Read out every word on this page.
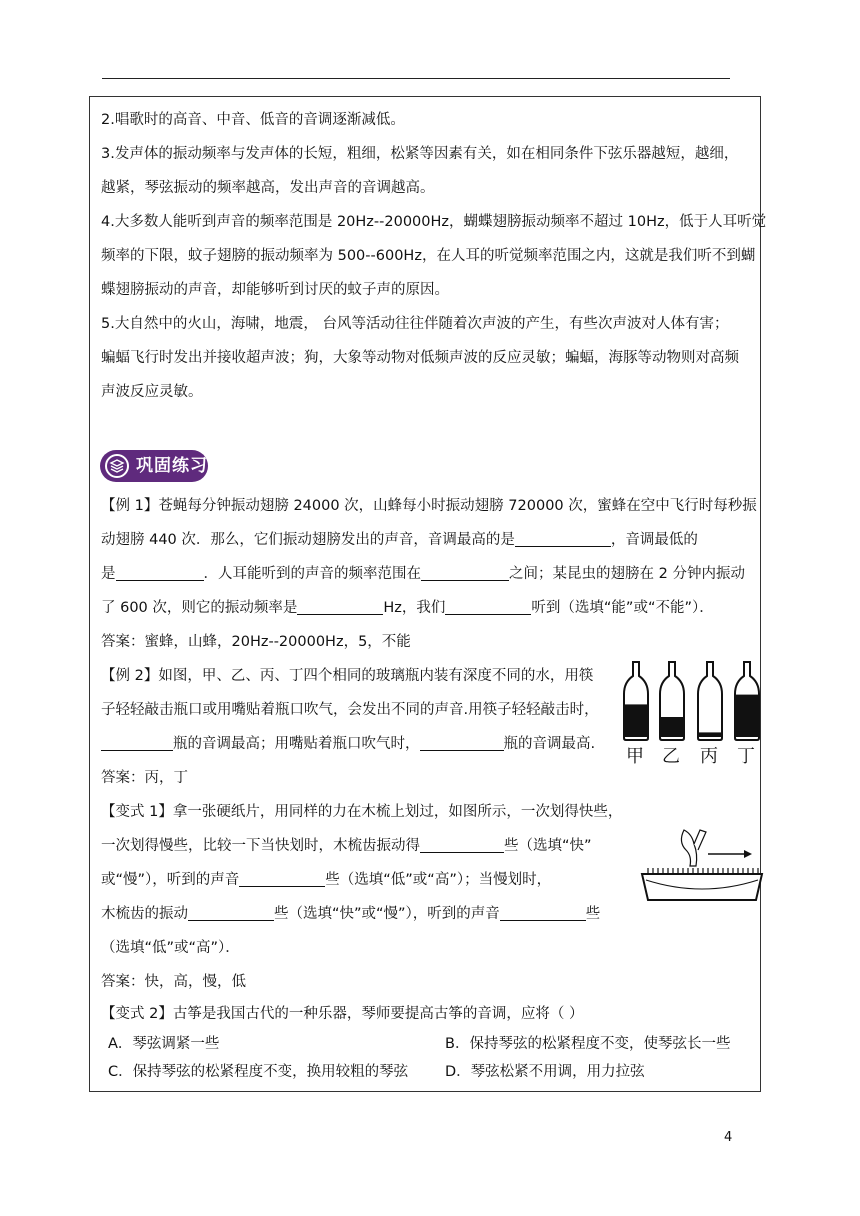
2.唱歌时的高音、中音、低音的音调逐渐减低。
3.发声体的振动频率与发声体的长短，粗细，松紧等因素有关，如在相同条件下弦乐器越短，越细，
越紧，琴弦振动的频率越高，发出声音的音调越高。
4.大多数人能听到声音的频率范围是 20Hz--20000Hz，蝴蝶翅膀振动频率不超过 10Hz，低于人耳听觉
频率的下限，蚊子翅膀的振动频率为 500--600Hz，在人耳的听觉频率范围之内，这就是我们听不到蝴
蝶翅膀振动的声音，却能够听到讨厌的蚊子声的原因。
5.大自然中的火山，海啸，地震， 台风等活动往往伴随着次声波的产生，有些次声波对人体有害；
蝙蝠飞行时发出并接收超声波；狗，大象等动物对低频声波的反应灵敏；蝙蝠，海豚等动物则对高频
声波反应灵敏。
巩固练习
【例 1】苍蝇每分钟振动翅膀 24000 次，山蜂每小时振动翅膀 720000 次，蜜蜂在空中飞行时每秒振
动翅膀 440 次．那么，它们振动翅膀发出的声音，音调最高的是	，音调最低的
是	．人耳能听到的声音的频率范围在	之间；某昆虫的翅膀在 2 分钟内振动
了 600 次，则它的振动频率是	Hz，我们	听到（选填“能”或“不能”）．
答案：蜜蜂，山蜂，20Hz--20000Hz，5，不能
【例 2】如图，甲、乙、丙、丁四个相同的玻璃瓶内装有深度不同的水，用筷
子轻轻敲击瓶口或用嘴贴着瓶口吹气，会发出不同的声音.用筷子轻轻敲击时，
瓶的音调最高；用嘴贴着瓶口吹气时，	瓶的音调最高.
答案：丙，丁
甲 乙 丙 丁
【变式 1】拿一张硬纸片，用同样的力在木梳上划过，如图所示，一次划得快些，
一次划得慢些，比较一下当快划时，木梳齿振动得	些（选填“快”
或“慢”），听到的声音	些（选填“低”或“高”）；当慢划时，
木梳齿的振动	些（选填“快”或“慢”），听到的声音	些
（选填“低”或“高”）．
答案：快，高，慢，低
【变式 2】古筝是我国古代的一种乐器，琴师要提高古筝的音调，应将（ ）
A．琴弦调紧一些	B．保持琴弦的松紧程度不变，使琴弦长一些
C．保持琴弦的松紧程度不变，换用较粗的琴弦	D．琴弦松紧不用调，用力拉弦
4
